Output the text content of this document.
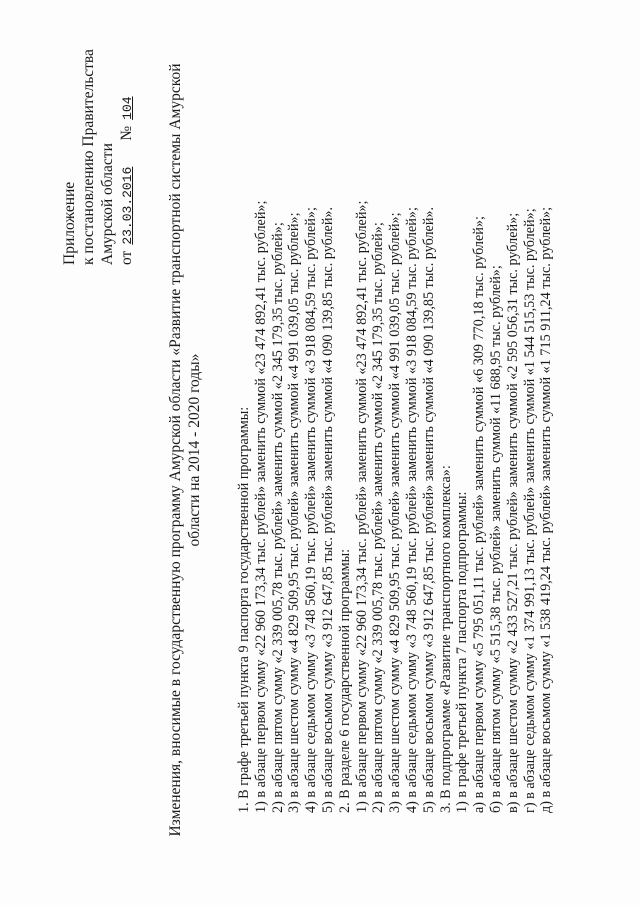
Приложение к постановлению Правительства Амурской области от
23.03.2016
№
104 Изменения, вносимые в государственную программу Амурской области «Развитие транспортной системы Амурской области на 2014 - 2020 годы» 1. В графе третьей пункта 9 паспорта государственной программы: 1) в абзаце первом сумму «22 960 173,34 тыс. рублей» заменить суммой «23 474 892,41 тыс. рублей»; 2) в абзаце пятом сумму «2 339 005,78 тыс. рублей» заменить суммой «2 345 179,35 тыс. рублей»; 3) в абзаце шестом сумму «4 829 509,95 тыс. рублей» заменить суммой «4 991 039,05 тыс. рублей»; 4) в абзаце седьмом сумму «3 748 560,19 тыс. рублей» заменить суммой «3 918 084,59 тыс. рублей»; 5) в абзаце восьмом сумму «3 912 647,85 тыс. рублей» заменить суммой «4 090 139,85 тыс. рублей». 2. В разделе 6 государственной программы: 1) в абзаце первом сумму «22 960 173,34 тыс. рублей» заменить суммой «23 474 892,41 тыс. рублей»; 2) в абзаце пятом сумму «2 339 005,78 тыс. рублей» заменить суммой «2 345 179,35 тыс. рублей»; 3) в абзаце шестом сумму «4 829 509,95 тыс. рублей» заменить суммой «4 991 039,05 тыс. рублей»; 4) в абзаце седьмом сумму «3 748 560,19 тыс. рублей» заменить суммой «3 918 084,59 тыс. рублей»; 5) в абзаце восьмом сумму «3 912 647,85 тыс. рублей» заменить суммой «4 090 139,85 тыс. рублей». 3. В подпрограмме «Развитие транспортного комплекса»: 1) в графе третьей пункта 7 паспорта подпрограммы: а) в абзаце первом сумму «5 795 051,11 тыс. рублей» заменить суммой «6 309 770,18 тыс. рублей»; б) в абзаце пятом сумму «5 515,38 тыс. рублей» заменить суммой «11 688,95 тыс. рублей»; в) в абзаце шестом сумму «2 433 527,21 тыс. рублей» заменить суммой «2 595 056,31 тыс. рублей»; г) в абзаце седьмом сумму «1 374 991,13 тыс. рублей» заменить суммой «1 544 515,53 тыс. рублей»; д) в абзаце восьмом сумму «1 538 419,24 тыс. рублей» заменить суммой «1 715 911,24 тыс. рублей»;
